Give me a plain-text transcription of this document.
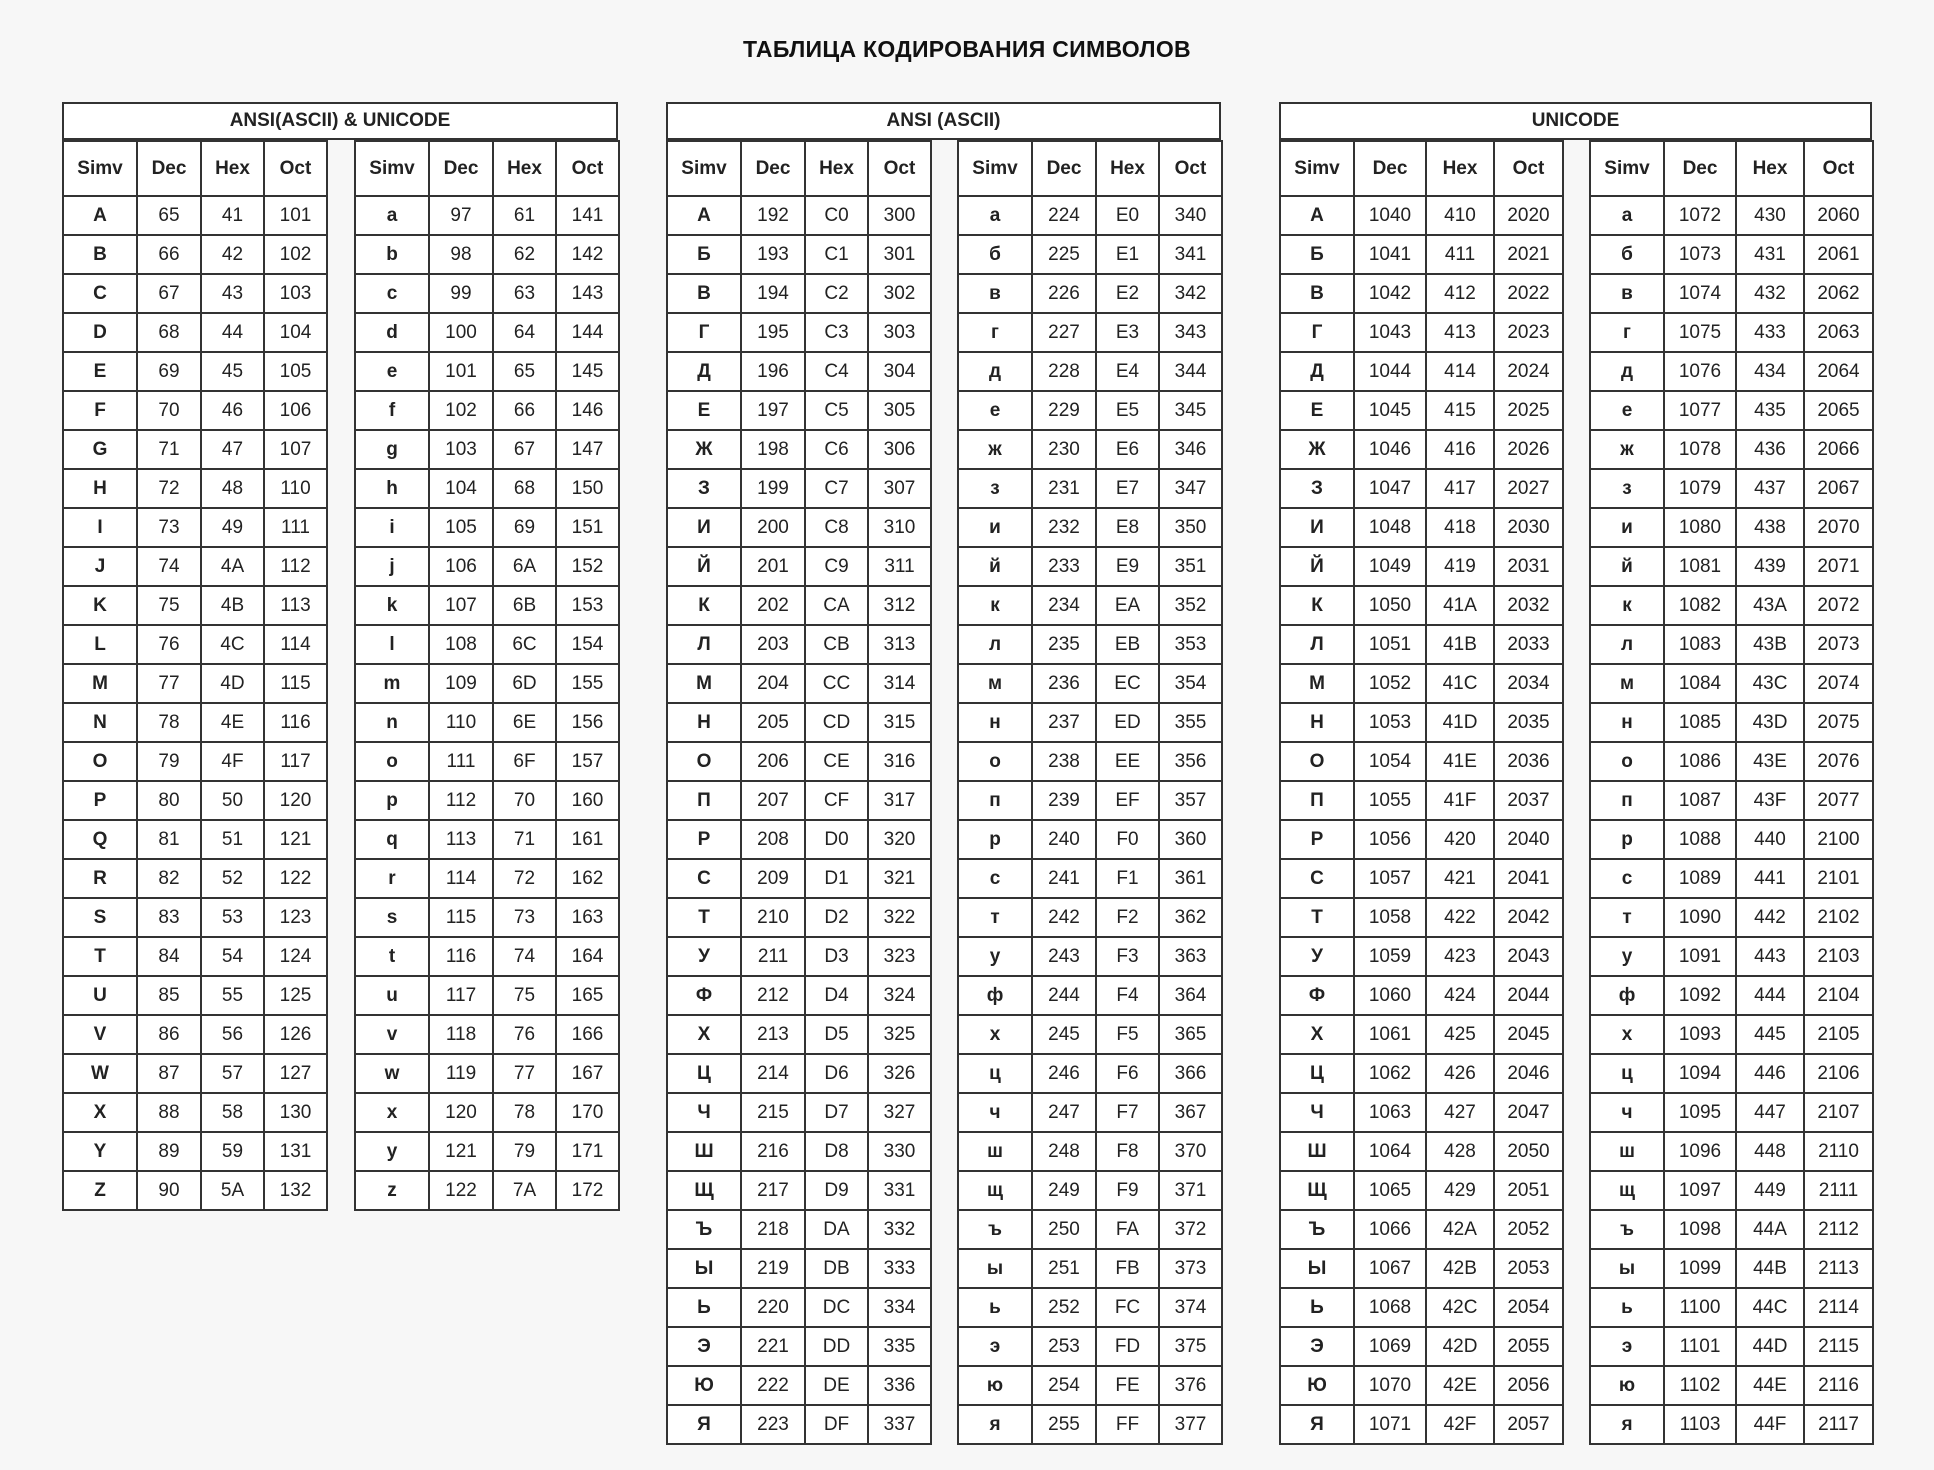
ТАБЛИЦА КОДИРОВАНИЯ СИМВОЛОВ
ANSI(ASCII) & UNICODE
Simv	Dec	Hex	Oct
A	65	41	101
B	66	42	102
C	67	43	103
D	68	44	104
E	69	45	105
F	70	46	106
G	71	47	107
H	72	48	110
I	73	49	111
J	74	4A	112
K	75	4B	113
L	76	4C	114
M	77	4D	115
N	78	4E	116
O	79	4F	117
P	80	50	120
Q	81	51	121
R	82	52	122
S	83	53	123
T	84	54	124
U	85	55	125
V	86	56	126
W	87	57	127
X	88	58	130
Y	89	59	131
Z	90	5A	132
Simv	Dec	Hex	Oct
a	97	61	141
b	98	62	142
c	99	63	143
d	100	64	144
e	101	65	145
f	102	66	146
g	103	67	147
h	104	68	150
i	105	69	151
j	106	6A	152
k	107	6B	153
l	108	6C	154
m	109	6D	155
n	110	6E	156
o	111	6F	157
p	112	70	160
q	113	71	161
r	114	72	162
s	115	73	163
t	116	74	164
u	117	75	165
v	118	76	166
w	119	77	167
x	120	78	170
y	121	79	171
z	122	7A	172
ANSI (ASCII)
Simv	Dec	Hex	Oct
А	192	C0	300
Б	193	C1	301
В	194	C2	302
Г	195	C3	303
Д	196	C4	304
Е	197	C5	305
Ж	198	C6	306
З	199	C7	307
И	200	C8	310
Й	201	C9	311
К	202	CA	312
Л	203	CB	313
М	204	CC	314
Н	205	CD	315
О	206	CE	316
П	207	CF	317
Р	208	D0	320
С	209	D1	321
Т	210	D2	322
У	211	D3	323
Ф	212	D4	324
Х	213	D5	325
Ц	214	D6	326
Ч	215	D7	327
Ш	216	D8	330
Щ	217	D9	331
Ъ	218	DA	332
Ы	219	DB	333
Ь	220	DC	334
Э	221	DD	335
Ю	222	DE	336
Я	223	DF	337
Simv	Dec	Hex	Oct
а	224	E0	340
б	225	E1	341
в	226	E2	342
г	227	E3	343
д	228	E4	344
е	229	E5	345
ж	230	E6	346
з	231	E7	347
и	232	E8	350
й	233	E9	351
к	234	EA	352
л	235	EB	353
м	236	EC	354
н	237	ED	355
о	238	EE	356
п	239	EF	357
р	240	F0	360
с	241	F1	361
т	242	F2	362
у	243	F3	363
ф	244	F4	364
х	245	F5	365
ц	246	F6	366
ч	247	F7	367
ш	248	F8	370
щ	249	F9	371
ъ	250	FA	372
ы	251	FB	373
ь	252	FC	374
э	253	FD	375
ю	254	FE	376
я	255	FF	377
UNICODE
Simv	Dec	Hex	Oct
А	1040	410	2020
Б	1041	411	2021
В	1042	412	2022
Г	1043	413	2023
Д	1044	414	2024
Е	1045	415	2025
Ж	1046	416	2026
З	1047	417	2027
И	1048	418	2030
Й	1049	419	2031
К	1050	41A	2032
Л	1051	41B	2033
М	1052	41C	2034
Н	1053	41D	2035
О	1054	41E	2036
П	1055	41F	2037
Р	1056	420	2040
С	1057	421	2041
Т	1058	422	2042
У	1059	423	2043
Ф	1060	424	2044
Х	1061	425	2045
Ц	1062	426	2046
Ч	1063	427	2047
Ш	1064	428	2050
Щ	1065	429	2051
Ъ	1066	42A	2052
Ы	1067	42B	2053
Ь	1068	42C	2054
Э	1069	42D	2055
Ю	1070	42E	2056
Я	1071	42F	2057
Simv	Dec	Hex	Oct
а	1072	430	2060
б	1073	431	2061
в	1074	432	2062
г	1075	433	2063
д	1076	434	2064
е	1077	435	2065
ж	1078	436	2066
з	1079	437	2067
и	1080	438	2070
й	1081	439	2071
к	1082	43A	2072
л	1083	43B	2073
м	1084	43C	2074
н	1085	43D	2075
о	1086	43E	2076
п	1087	43F	2077
р	1088	440	2100
с	1089	441	2101
т	1090	442	2102
у	1091	443	2103
ф	1092	444	2104
х	1093	445	2105
ц	1094	446	2106
ч	1095	447	2107
ш	1096	448	2110
щ	1097	449	2111
ъ	1098	44A	2112
ы	1099	44B	2113
ь	1100	44C	2114
э	1101	44D	2115
ю	1102	44E	2116
я	1103	44F	2117
